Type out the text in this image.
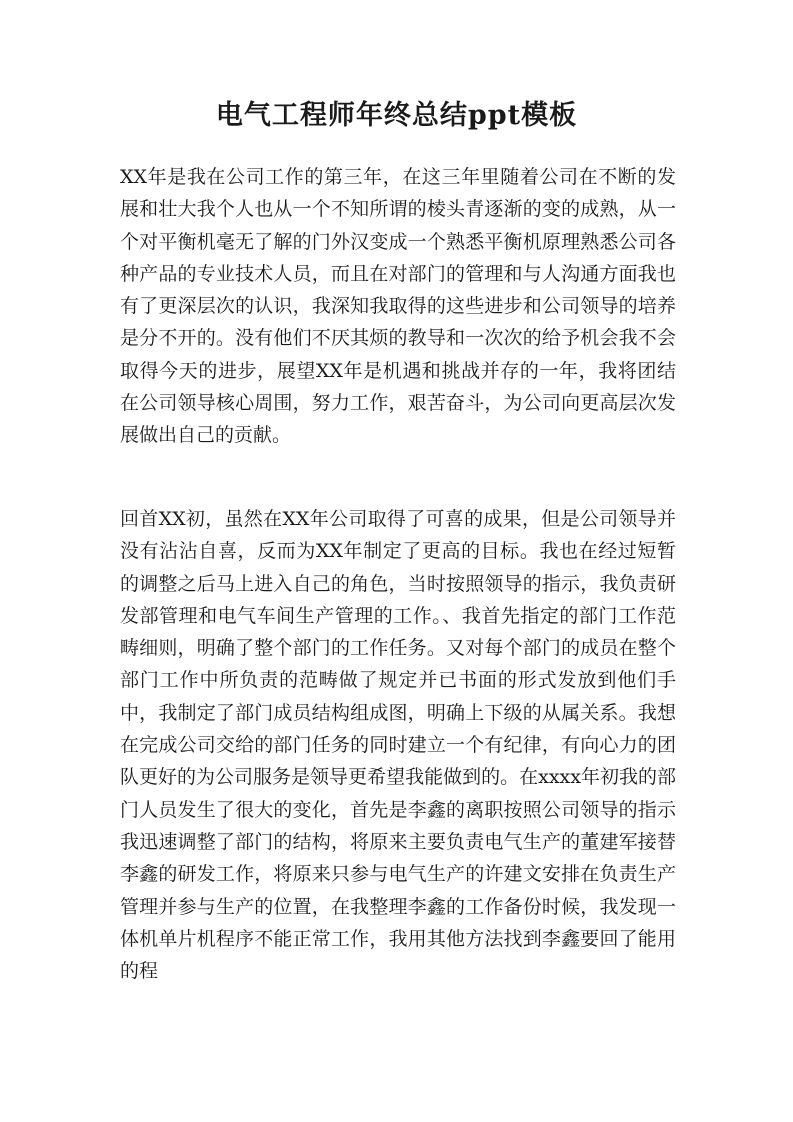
电气工程师年终总结ppt模板

XX年是我在公司工作的第三年，在这三年里随着公司在不断的发展和壮大我个人也从一个不知所谓的棱头青逐渐的变的成熟，从一个对平衡机毫无了解的门外汉变成一个熟悉平衡机原理熟悉公司各种产品的专业技术人员，而且在对部门的管理和与人沟通方面我也有了更深层次的认识，我深知我取得的这些进步和公司领导的培养是分不开的。没有他们不厌其烦的教导和一次次的给予机会我不会取得今天的进步，展望XX年是机遇和挑战并存的一年，我将团结在公司领导核心周围，努力工作，艰苦奋斗，为公司向更高层次发展做出自己的贡献。

回首XX初，虽然在XX年公司取得了可喜的成果，但是公司领导并没有沾沾自喜，反而为XX年制定了更高的目标。我也在经过短暂的调整之后马上进入自己的角色，当时按照领导的指示，我负责研发部管理和电气车间生产管理的工作。、我首先指定的部门工作范畴细则，明确了整个部门的工作任务。又对每个部门的成员在整个部门工作中所负责的范畴做了规定并已书面的形式发放到他们手中，我制定了部门成员结构组成图，明确上下级的从属关系。我想在完成公司交给的部门任务的同时建立一个有纪律，有向心力的团队更好的为公司服务是领导更希望我能做到的。在xxxx年初我的部门人员发生了很大的变化，首先是李鑫的离职按照公司领导的指示我迅速调整了部门的结构，将原来主要负责电气生产的董建军接替李鑫的研发工作，将原来只参与电气生产的许建文安排在负责生产管理并参与生产的位置，在我整理李鑫的工作备份时候，我发现一体机单片机程序不能正常工作，我用其他方法找到李鑫要回了能用的程
